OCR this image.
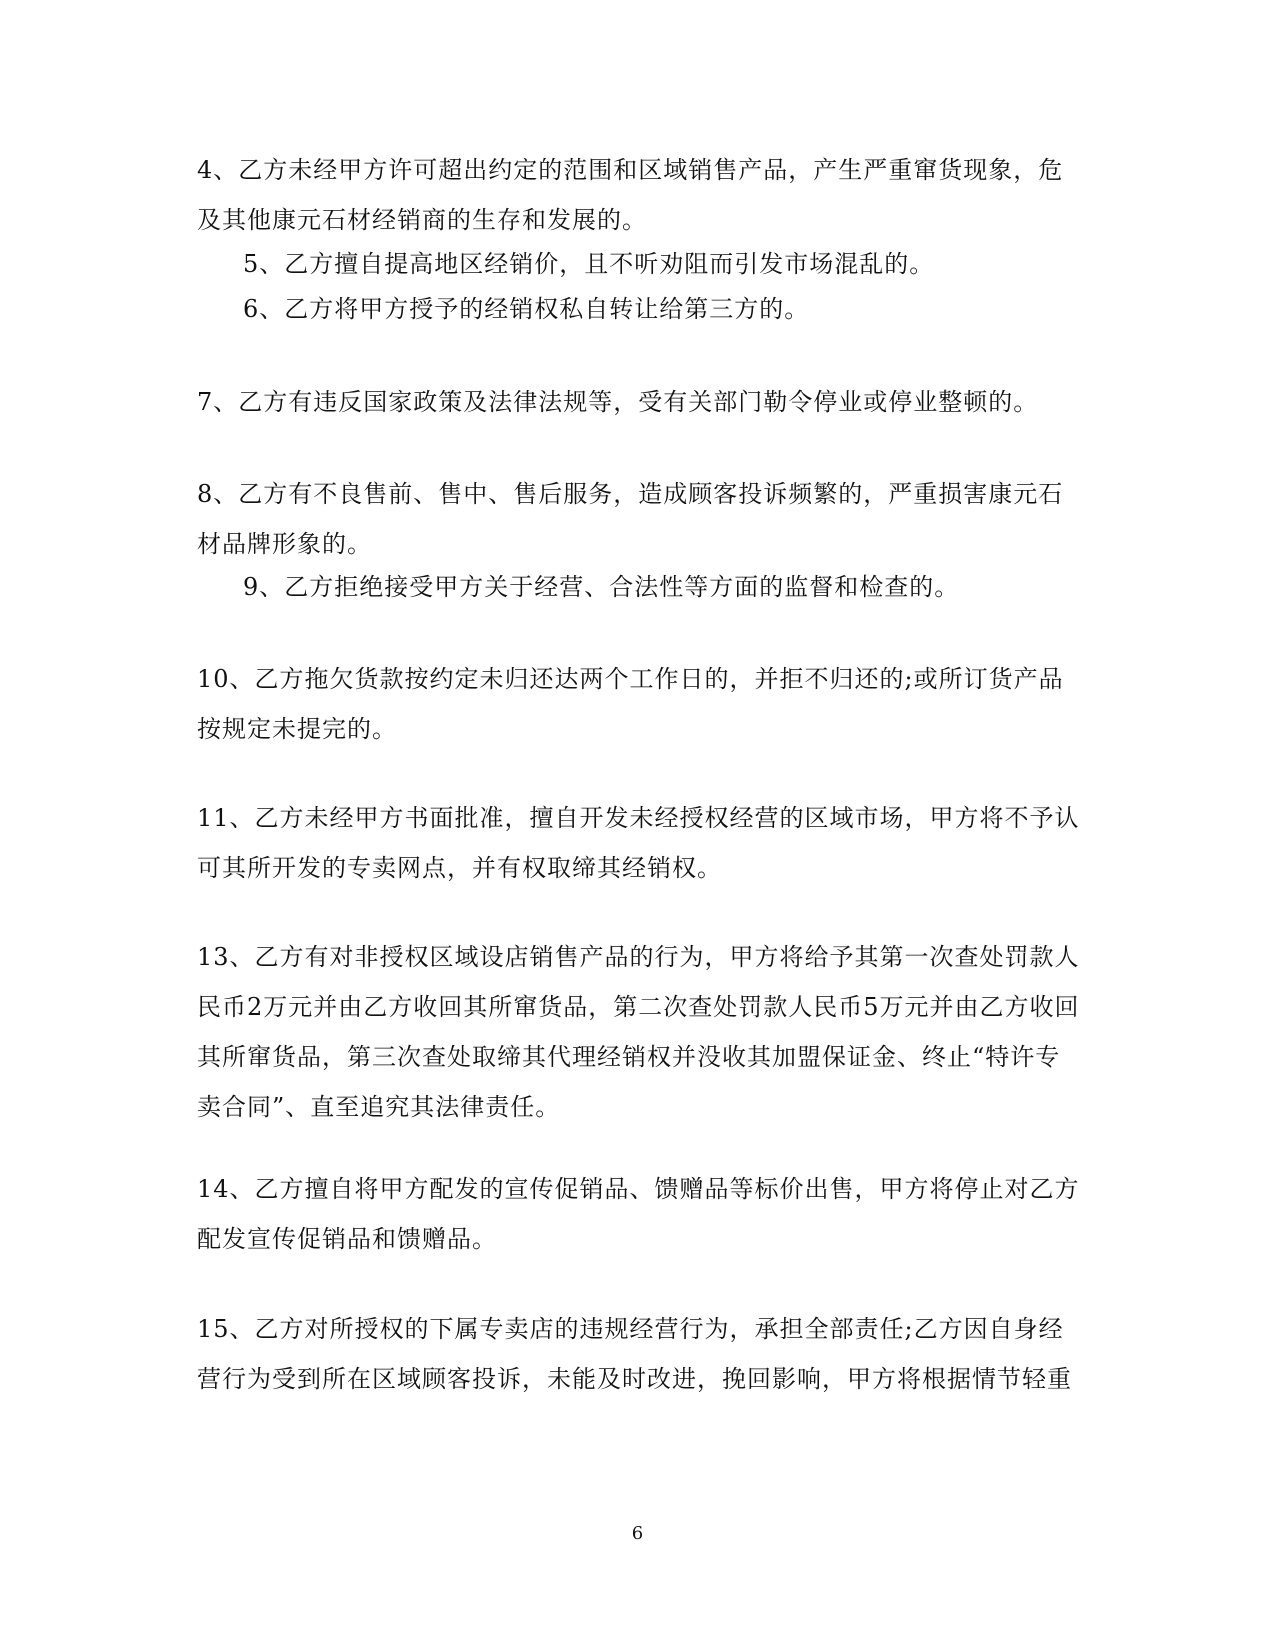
4、乙方未经甲方许可超出约定的范围和区域销售产品，产生严重窜货现象，危
及其他康元石材经销商的生存和发展的。
5、乙方擅自提高地区经销价，且不听劝阻而引发市场混乱的。
6、乙方将甲方授予的经销权私自转让给第三方的。
7、乙方有违反国家政策及法律法规等，受有关部门勒令停业或停业整顿的。
8、乙方有不良售前、售中、售后服务，造成顾客投诉频繁的，严重损害康元石
材品牌形象的。
9、乙方拒绝接受甲方关于经营、合法性等方面的监督和检查的。
10、乙方拖欠货款按约定未归还达两个工作日的，并拒不归还的;或所订货产品
按规定未提完的。
11、乙方未经甲方书面批准，擅自开发未经授权经营的区域市场，甲方将不予认
可其所开发的专卖网点，并有权取缔其经销权。
13、乙方有对非授权区域设店销售产品的行为，甲方将给予其第一次查处罚款人
民币2万元并由乙方收回其所窜货品，第二次查处罚款人民币5万元并由乙方收回
其所窜货品，第三次查处取缔其代理经销权并没收其加盟保证金、终止“特许专
卖合同”、直至追究其法律责任。
14、乙方擅自将甲方配发的宣传促销品、馈赠品等标价出售，甲方将停止对乙方
配发宣传促销品和馈赠品。
15、乙方对所授权的下属专卖店的违规经营行为，承担全部责任;乙方因自身经
营行为受到所在区域顾客投诉，未能及时改进，挽回影响，甲方将根据情节轻重
6
